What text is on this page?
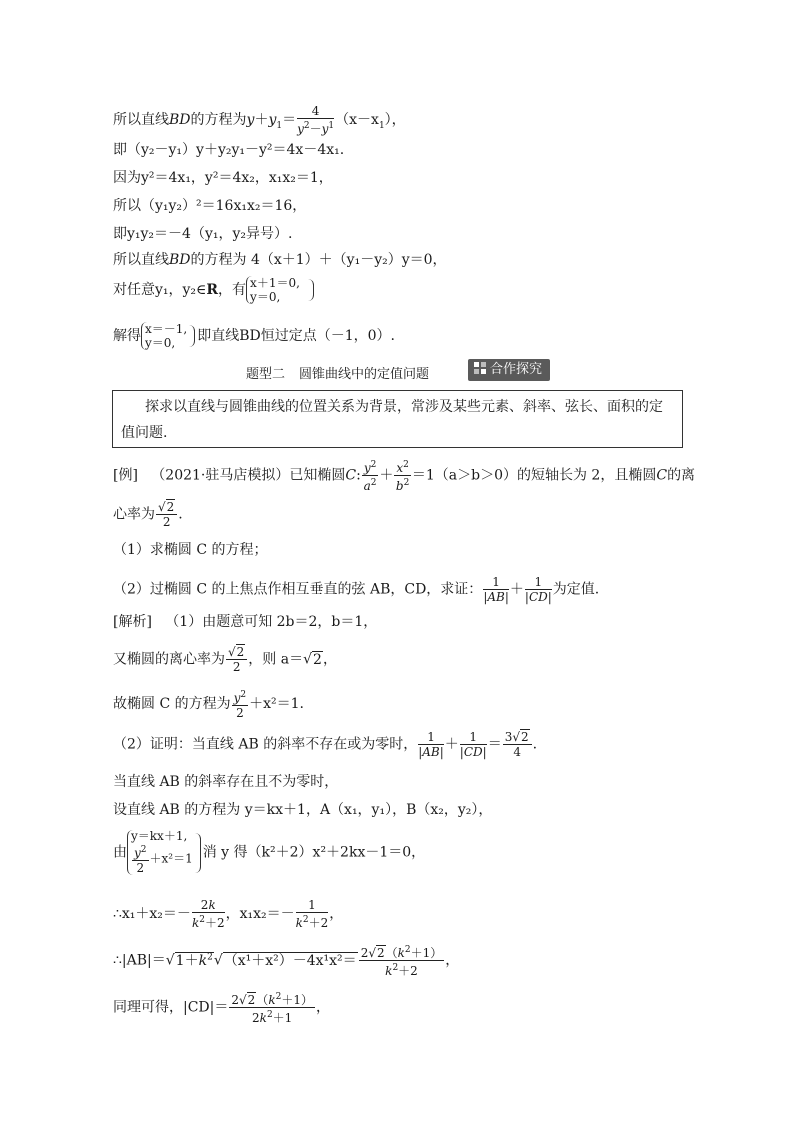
所以直线BD的方程为$y+y_1= \frac{4}{y^2-y^1} (x-x_1)$，
即（y₂－y₁）y＋y₂y₁－y²＝4x－4x₁.
因为y²＝4x₁，y²＝4x₂，x₁x₂＝1，
所以（y₁y₂）²＝16x₁x₂＝16，
即y₁y₂＝－4（y₁，y₂异号）.
所以直线BD的方程为 4（x＋1）＋（y₁－y₂）y＝0，
对任意y₁，y₂∈R，有 x＋1＝0,
y＝0,
解得 x＝－1,
y＝0,	即直线BD恒过定点（－1，0）.
题型二 圆锥曲线中的定值问题	合作探究
探求以直线与圆锥曲线的位置关系为背景，常涉及某些元素、斜率、弦长、面积的定值问题.
[例] （2021·驻马店模拟）已知椭圆C: $\frac{y^2}{a^2} + \frac{x^2}{b^2} =1(a>b>0)$的短轴长为 2，且椭圆C的离
心率为 $\frac{√2}{2}$ .
（1）求椭圆 C 的方程；
（2）过椭圆 C 的上焦点作相互垂直的弦 AB，CD，求证： $\frac{1}{|AB|} + \frac{1}{|CD|}$ 为定值.
[解析] （1）由题意可知 2b＝2，b＝1，
又椭圆的离心率为 $\frac{√2}{2}$ ，则 a＝√2，
故椭圆 C 的方程为 $\frac{y^2}{2} +x^2=1$.
（2）证明：当直线 AB 的斜率不存在或为零时， $\frac{1}{|AB|} + \frac{1}{|CD|} = \frac{3√2}{4}$ .
当直线 AB 的斜率存在且不为零时，
设直线 AB 的方程为 y＝kx＋1，A（x₁，y₁），B（x₂，y₂），
由
y＝kx＋1,
$\frac{y^2}{2} +x^2=1$ 消 y 得（k²＋2）x²＋2kx－1＝0，
∴x₁＋x₂＝－ $\frac{2k}{k^2+2}$ ，$x_1x_2=- \frac{1}{k^2+2}$ ，
$\therefore|AB|=√1+k^2√(x^1+x^2)-4x^1x^2= \frac{2√2(k^2+1)}{k^2+2}$ ，
同理可得，$|CD|= \frac{2√2(k^2+1)}{2k^2+1}$ ，
